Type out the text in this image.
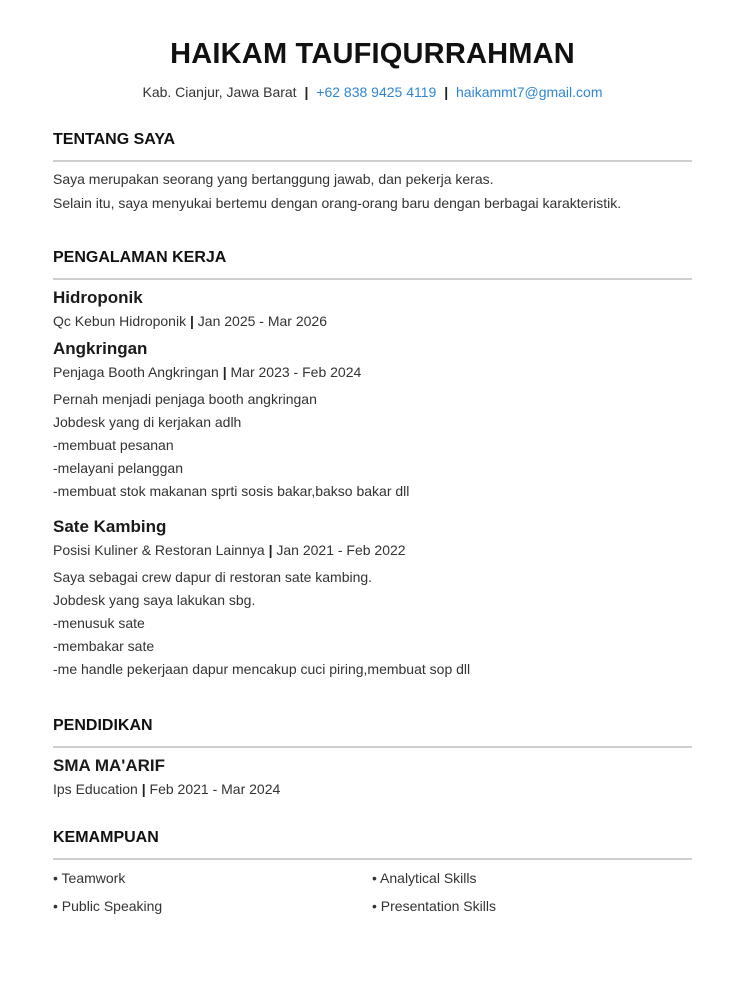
HAIKAM TAUFIQURRAHMAN
Kab. Cianjur, Jawa Barat | +62 838 9425 4119 | haikammt7@gmail.com
TENTANG SAYA
Saya merupakan seorang yang bertanggung jawab, dan pekerja keras.
Selain itu, saya menyukai bertemu dengan orang-orang baru dengan berbagai karakteristik.
PENGALAMAN KERJA
Hidroponik
Qc Kebun Hidroponik | Jan 2025 - Mar 2026
Angkringan
Penjaga Booth Angkringan | Mar 2023 - Feb 2024
Pernah menjadi penjaga booth angkringan
Jobdesk yang di kerjakan adlh
-membuat pesanan
-melayani pelanggan
-membuat stok makanan sprti sosis bakar,bakso bakar dll
Sate Kambing
Posisi Kuliner & Restoran Lainnya | Jan 2021 - Feb 2022
Saya sebagai crew dapur di restoran sate kambing.
Jobdesk yang saya lakukan sbg.
-menusuk sate
-membakar sate
-me handle pekerjaan dapur mencakup cuci piring,membuat sop dll
PENDIDIKAN
SMA MA'ARIF
Ips Education | Feb 2021 - Mar 2024
KEMAMPUAN
• Teamwork	• Analytical Skills
• Public Speaking	• Presentation Skills
